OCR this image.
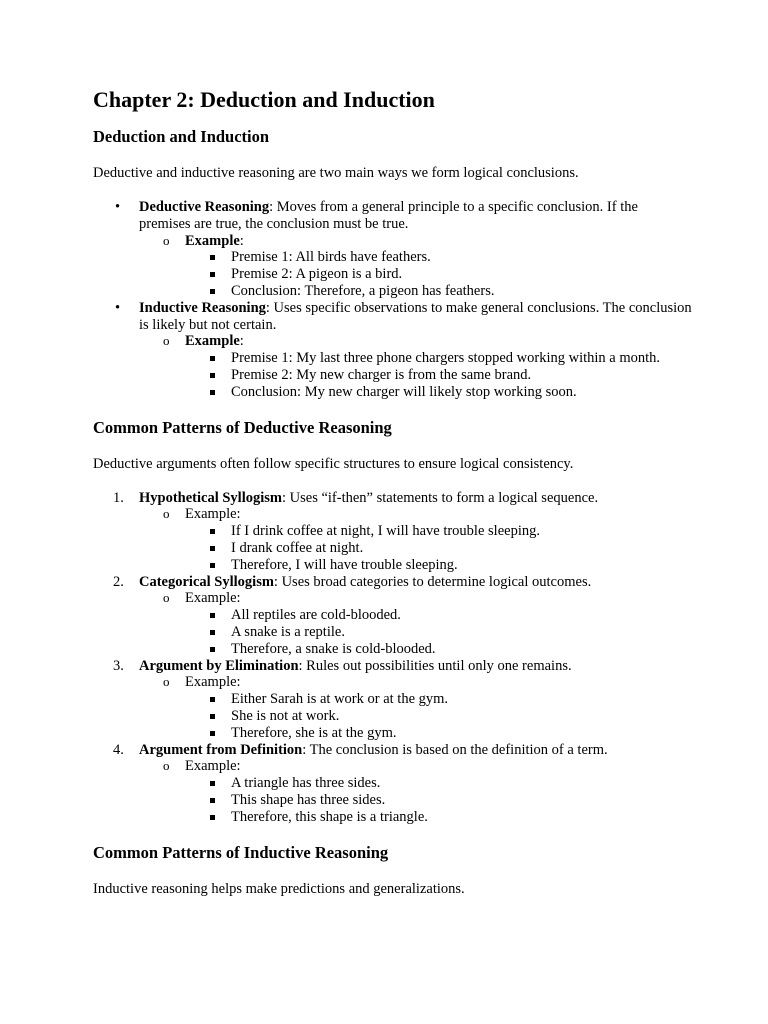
Chapter 2: Deduction and Induction
Deduction and Induction

Deductive and inductive reasoning are two main ways we form logical conclusions.

• Deductive Reasoning: Moves from a general principle to a specific conclusion. If the premises are true, the conclusion must be true.
o Example:
Premise 1: All birds have feathers.
Premise 2: A pigeon is a bird.
Conclusion: Therefore, a pigeon has feathers.
• Inductive Reasoning: Uses specific observations to make general conclusions. The conclusion is likely but not certain.
o Example:
Premise 1: My last three phone chargers stopped working within a month.
Premise 2: My new charger is from the same brand.
Conclusion: My new charger will likely stop working soon.
Common Patterns of Deductive Reasoning

Deductive arguments often follow specific structures to ensure logical consistency.

1. Hypothetical Syllogism: Uses “if-then” statements to form a logical sequence.
o Example:
If I drink coffee at night, I will have trouble sleeping.
I drank coffee at night.
Therefore, I will have trouble sleeping.
2. Categorical Syllogism: Uses broad categories to determine logical outcomes.
o Example:
All reptiles are cold-blooded.
A snake is a reptile.
Therefore, a snake is cold-blooded.
3. Argument by Elimination: Rules out possibilities until only one remains.
o Example:
Either Sarah is at work or at the gym.
She is not at work.
Therefore, she is at the gym.
4. Argument from Definition: The conclusion is based on the definition of a term.
o Example:
A triangle has three sides.
This shape has three sides.
Therefore, this shape is a triangle.
Common Patterns of Inductive Reasoning

Inductive reasoning helps make predictions and generalizations.
